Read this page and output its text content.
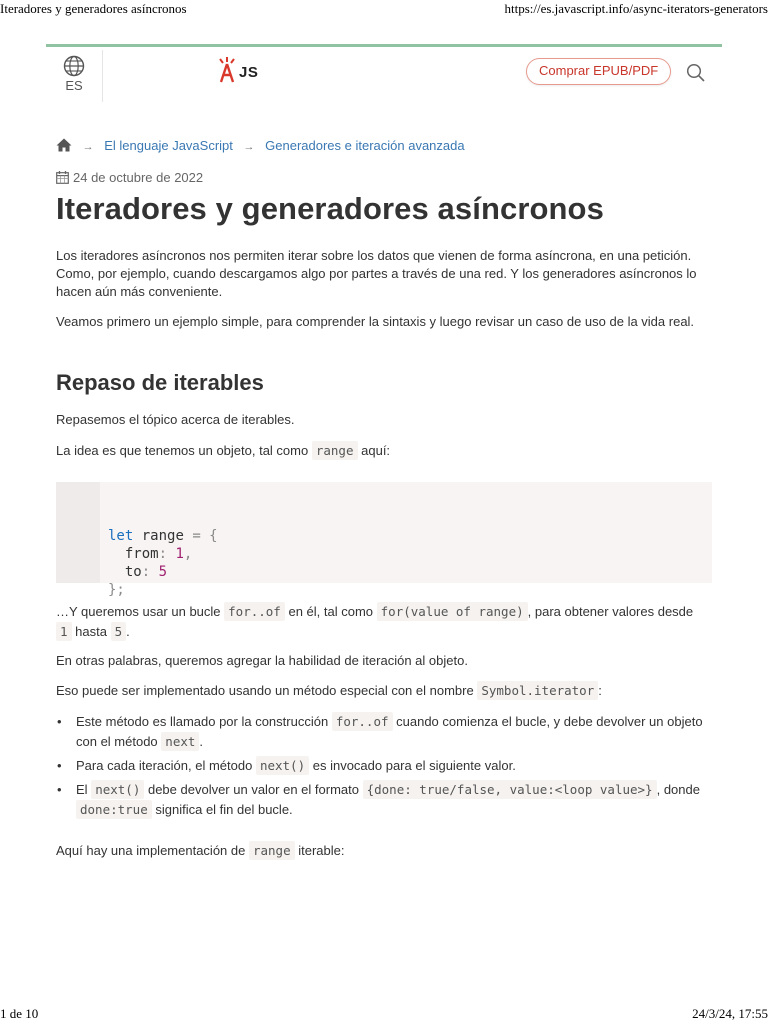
Iteradores y generadores asíncronos	https://es.javascript.info/async-iterators-generators
ES
JS	Comprar EPUB/PDF
→ El lenguaje JavaScript → Generadores e iteración avanzada
24 de octubre de 2022
Iteradores y generadores asíncronos

Los iteradores asíncronos nos permiten iterar sobre los datos que vienen de forma asíncrona, en una petición. Como, por ejemplo, cuando descargamos algo por partes a través de una red. Y los generadores asíncronos lo hacen aún más conveniente.

Veamos primero un ejemplo simple, para comprender la sintaxis y luego revisar un caso de uso de la vida real.

Repaso de iterables

Repasemos el tópico acerca de iterables.

La idea es que tenemos un objeto, tal como range aquí:

let range = {

from: 1,

to: 5

};

…Y queremos usar un bucle for..of en él, tal como for(value of range) , para obtener valores desde 1 hasta 5 .

En otras palabras, queremos agregar la habilidad de iteración al objeto.

Eso puede ser implementado usando un método especial con el nombre Symbol.iterator :

• Este método es llamado por la construcción for..of cuando comienza el bucle, y debe devolver un objeto con el método next .
• Para cada iteración, el método next() es invocado para el siguiente valor.
• El next() debe devolver un valor en el formato {done: true/false, value:<loop value>} , donde done:true significa el fin del bucle.

Aquí hay una implementación de range iterable:

1 de 10	24/3/24, 17:55
